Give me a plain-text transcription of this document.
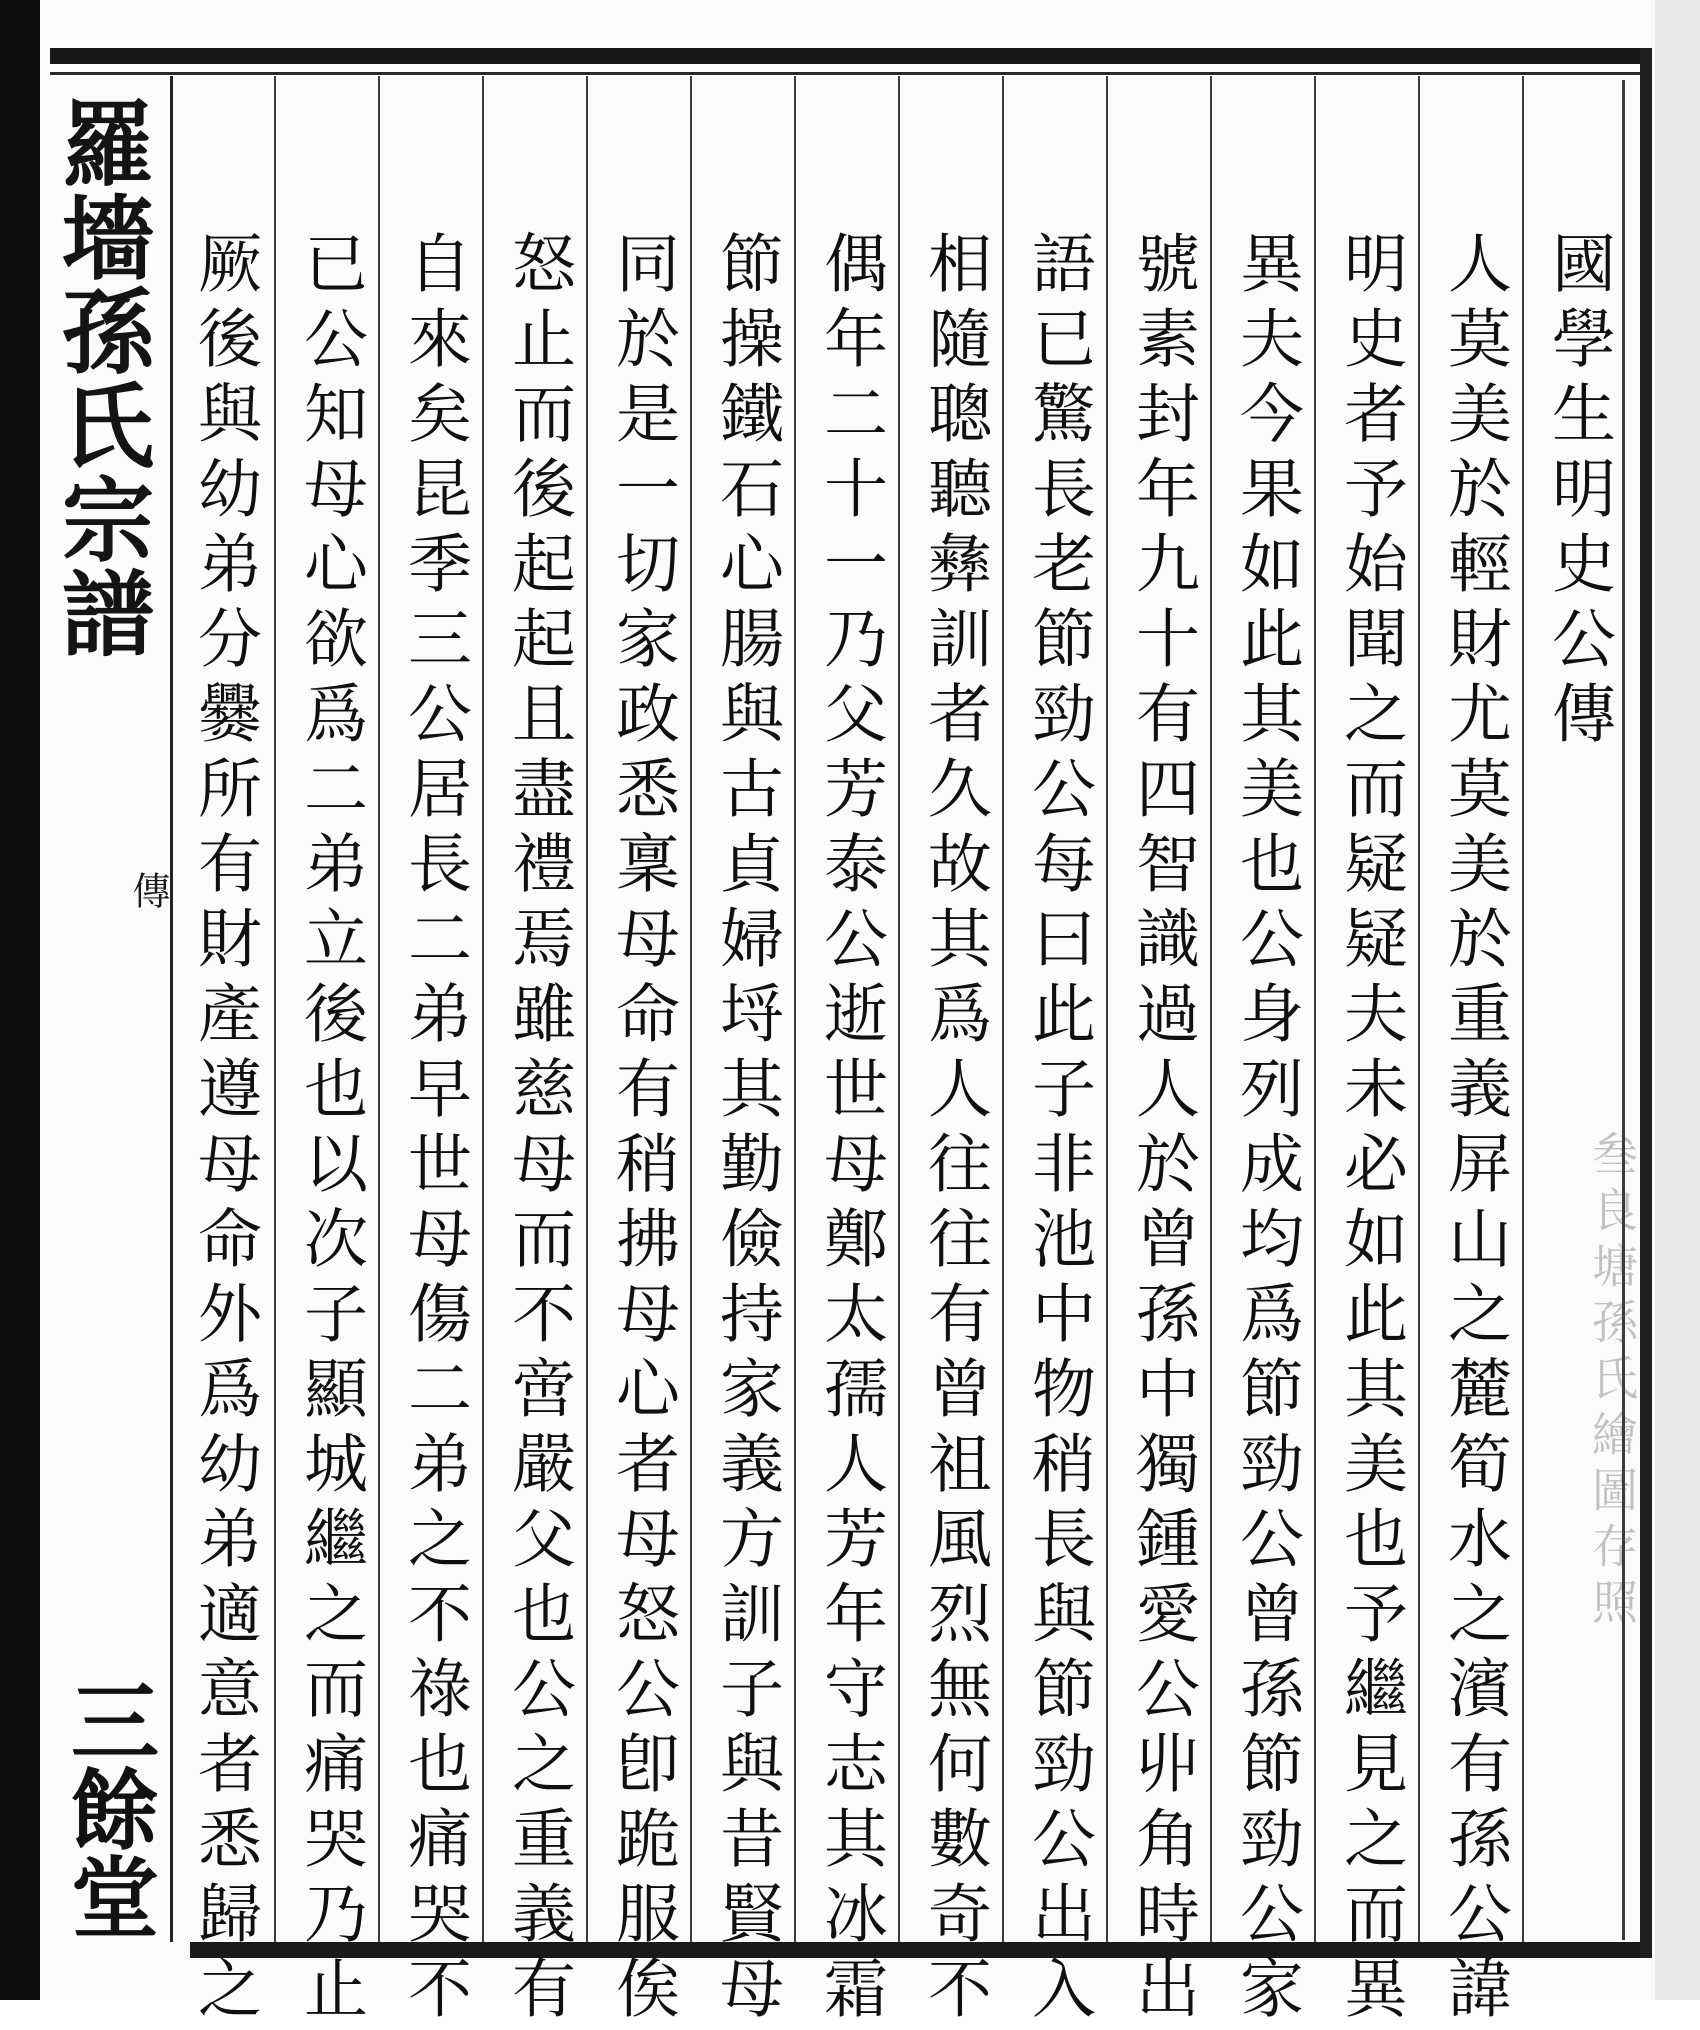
羅墻孫氏宗譜
傳
三餘堂 厥後與幼弟分爨所有財產遵母命外爲幼弟適意者悉歸之 已公知母心欲爲二弟立後也以次子顯城繼之而痛哭乃止 自來矣昆季三公居長二弟早世母傷二弟之不祿也痛哭不 怒止而後起起且盡禮焉雖慈母而不啻嚴父也公之重義有 同於是一切家政悉稟母命有稍拂母心者母怒公卽跪服俟 節操鐵石心腸與古貞婦埒其勤儉持家義方訓子與昔賢母 偶年二十一乃父芳泰公逝世母鄭太孺人芳年守志其冰霜 相隨聰聽彝訓者久故其爲人往往有曾祖風烈無何數奇不 語已驚長老節勁公每曰此子非池中物稍長與節勁公出入 號素封年九十有四智識過人於曾孫中獨鍾愛公丱角時出 異夫今果如此其美也公身列成均爲節勁公曾孫節勁公家 明史者予始聞之而疑疑夫未必如此其美也予繼見之而異 人莫美於輕財尤莫美於重義屏山之麓筍水之濱有孫公諱 國學生明史公傳
叁良塘孫氏繪圖存照
